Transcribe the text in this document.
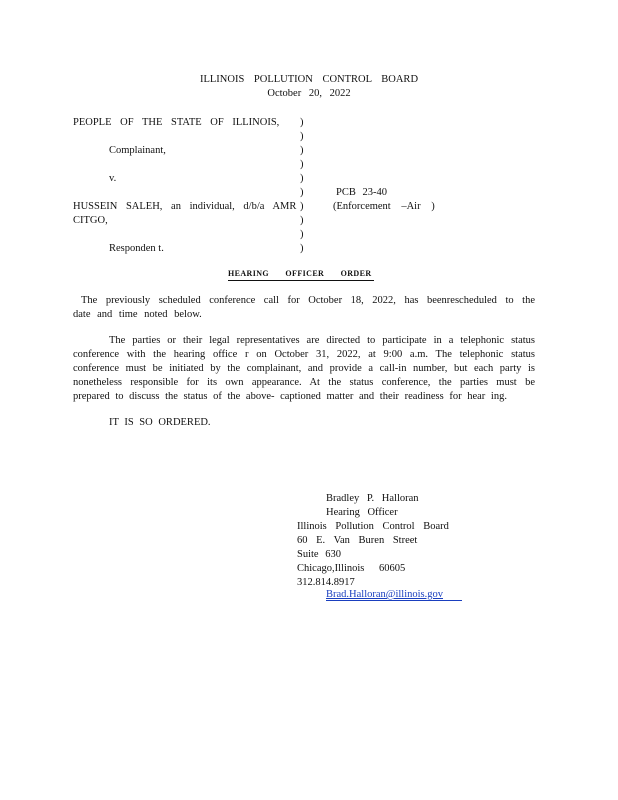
ILLINOIS POLLUTION CONTROL BOARD
October 20, 2022
PEOPLE OF THE STATE OF ILLINOIS,
Complainant,
v.
HUSSEIN SALEH, an individual, d/b/a AMR
CITGO,
Responden t.
)
)
)
)
)
)
)
)
)
)
PCB 23-40
(Enforcement –Air )
HEARING OFFICER ORDER
The previously scheduled conference call for October 18, 2022, has beenrescheduled to the date and time noted below.
The parties or their legal representatives are directed to participate in a telephonic status conference with the hearing office r on October 31, 2022, at 9:00 a.m. The telephonic status conference must be initiated by the complainant, and provide a call-in number, but each party is nonetheless responsible for its own appearance. At the status conference, the parties must be prepared to discuss the status of the above- captioned matter and their readiness for hear ing.
IT IS SO ORDERED.
Bradley P. Halloran
Hearing Officer
Illinois Pollution Control Board
60 E. Van Buren Street
Suite 630
Chicago,Illinois 60605
312.814.8917
Brad.Halloran@illinois.gov
